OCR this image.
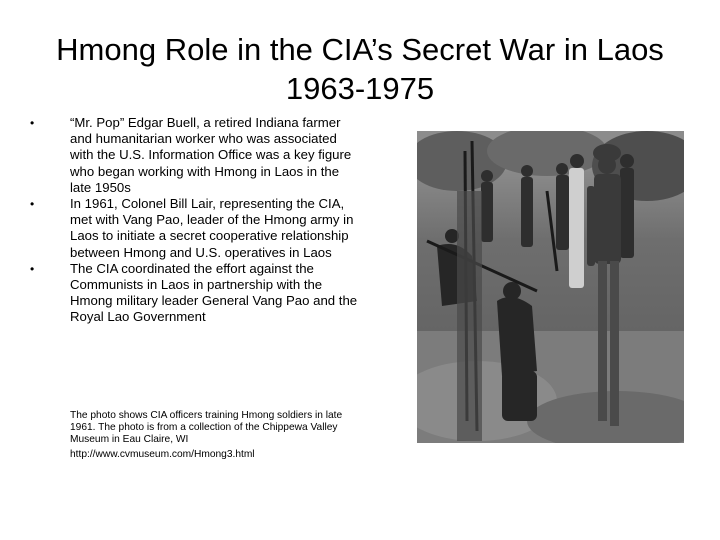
Hmong Role in the CIA’s Secret War in Laos
1963-1975
•	“Mr. Pop” Edgar Buell, a retired Indiana farmer and humanitarian worker who was associated with the U.S. Information Office was a key figure who began working with Hmong in Laos in the late 1950s
•	In 1961, Colonel Bill Lair, representing the CIA, met with Vang Pao, leader of the Hmong army in Laos to initiate a secret cooperative relationship between Hmong and U.S. operatives in Laos
•	The CIA coordinated the effort against the Communists in Laos in partnership with the Hmong military leader General Vang Pao and the Royal Lao Government
The photo shows CIA officers training Hmong soldiers in late 1961. The photo is from a collection of the Chippewa Valley Museum in Eau Claire, WI
http://www.cvmuseum.com/Hmong3.html
